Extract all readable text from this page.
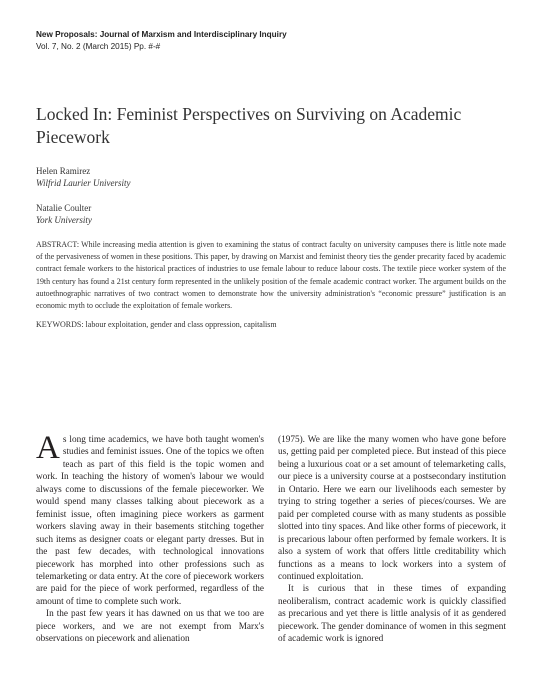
New Proposals: Journal of Marxism and Interdisciplinary Inquiry
Vol. 7, No. 2 (March 2015) Pp. #-#
Locked In: Feminist Perspectives on Surviving on Academic Piecework
Helen Ramirez
Wilfrid Laurier University
Natalie Coulter
York University

ABSTRACT: While increasing media attention is given to examining the status of contract faculty on university campuses there is little note made of the pervasiveness of women in these positions. This paper, by drawing on Marxist and feminist theory ties the gender precarity faced by academic contract female workers to the historical practices of industries to use female labour to reduce labour costs. The textile piece worker system of the 19th century has found a 21st century form represented in the unlikely position of the female academic contract worker. The argument builds on the autoethnographic narratives of two contract women to demonstrate how the university administration's “economic pressure” justification is an economic myth to occlude the exploitation of female workers.

KEYWORDS: labour exploitation, gender and class oppression, capitalism

As long time academics, we have both taught women's studies and feminist issues. One of the topics we often teach as part of this field is the topic women and work. In teaching the history of women's labour we would always come to discussions of the female pieceworker. We would spend many classes talking about piecework as a feminist issue, often imagining piece workers as garment workers slaving away in their basements stitching together such items as designer coats or elegant party dresses. But in the past few decades, with technological innovations piecework has morphed into other professions such as telemarketing or data entry. At the core of piecework workers are paid for the piece of work performed, regardless of the amount of time to complete such work.

In the past few years it has dawned on us that we too are piece workers, and we are not exempt from Marx's observations on piecework and alienation

(1975). We are like the many women who have gone before us, getting paid per completed piece. But instead of this piece being a luxurious coat or a set amount of telemarketing calls, our piece is a university course at a postsecondary institution in Ontario. Here we earn our livelihoods each semester by trying to string together a series of pieces/courses. We are paid per completed course with as many students as possible slotted into tiny spaces. And like other forms of piecework, it is precarious labour often performed by female workers. It is also a system of work that offers little creditability which functions as a means to lock workers into a system of continued exploitation.

It is curious that in these times of expanding neoliberalism, contract academic work is quickly classified as precarious and yet there is little analysis of it as gendered piecework. The gender dominance of women in this segment of academic work is ignored
